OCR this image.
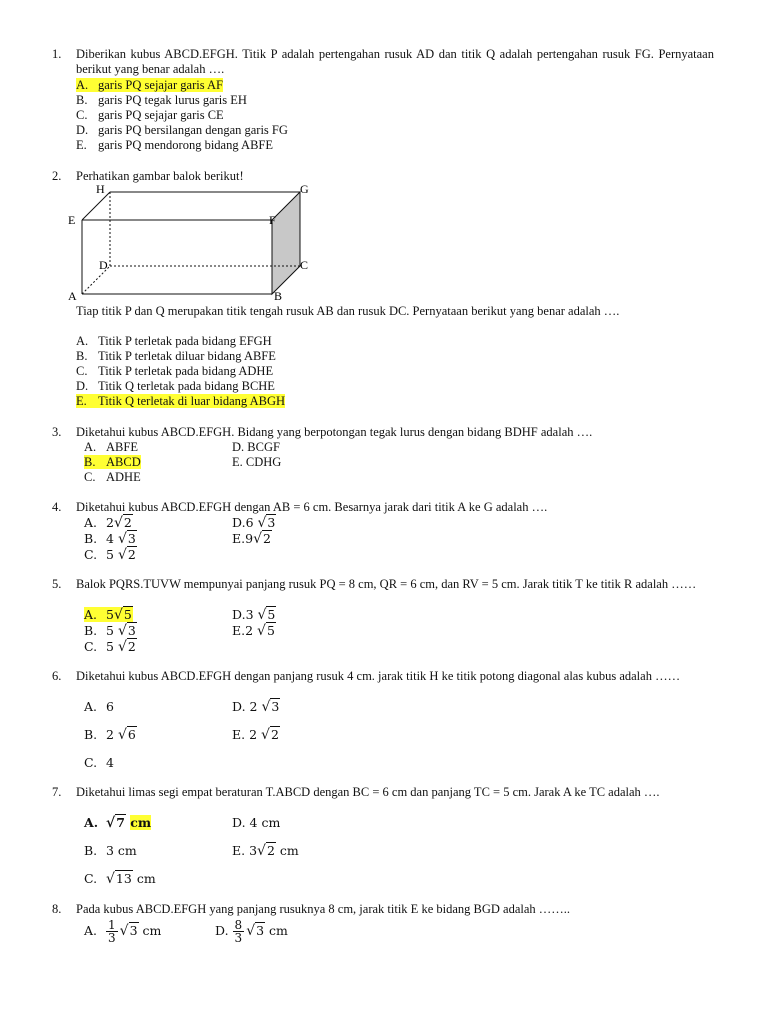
1. Diberikan kubus ABCD.EFGH. Titik P adalah pertengahan rusuk AD dan titik Q adalah pertengahan rusuk FG. Pernyataan berikut yang benar adalah ….
A. garis PQ sejajar garis AF
B. garis PQ tegak lurus garis EH
C. garis PQ sejajar garis CE
D. garis PQ bersilangan dengan garis FG
E. garis PQ mendorong bidang ABFE
2. Perhatikan gambar balok berikut!
H	G
E	F
D	C
A	B
Tiap titik P dan Q merupakan titik tengah rusuk AB dan rusuk DC. Pernyataan berikut yang benar adalah ….
A. Titik P terletak pada bidang EFGH
B. Titik P terletak diluar bidang ABFE
C. Titik P terletak pada bidang ADHE
D. Titik Q terletak pada bidang BCHE
E. Titik Q terletak di luar bidang ABGH
3. Diketahui kubus ABCD.EFGH. Bidang yang berpotongan tegak lurus dengan bidang BDHF adalah ….
A. ABFE
B. ABCD
C. ADHE
D. BCGF
E. CDHG
4. Diketahui kubus ABCD.EFGH dengan AB = 6 cm. Besarnya jarak dari titik A ke G adalah ….
A. 2√2
B. 4 √3
C. 5 √2
D.6 √3
E.9√2
5. Balok PQRS.TUVW mempunyai panjang rusuk PQ = 8 cm, QR = 6 cm, dan RV = 5 cm. Jarak titik T ke titik R adalah ……
A. 5√5
B. 5 √3
C. 5 √2
D.3 √5
E.2 √5
6. Diketahui kubus ABCD.EFGH dengan panjang rusuk 4 cm. jarak titik H ke titik potong diagonal alas kubus adalah ……
A. 6
B. 2 √6
C. 4
D. 2 √3
E. 2 √2
7. Diketahui limas segi empat beraturan T.ABCD dengan BC = 6 cm dan panjang TC = 5 cm. Jarak A ke TC adalah ….
A. √7 cm
B. 3 cm
C. √13 cm
D. 4 cm
E. 3√2 cm
8. Pada kubus ABCD.EFGH yang panjang rusuknya 8 cm, jarak titik E ke bidang BGD adalah ……..
A. $\frac{1}{3} √3$ cm	D. $\frac{8}{3} √3$ cm
